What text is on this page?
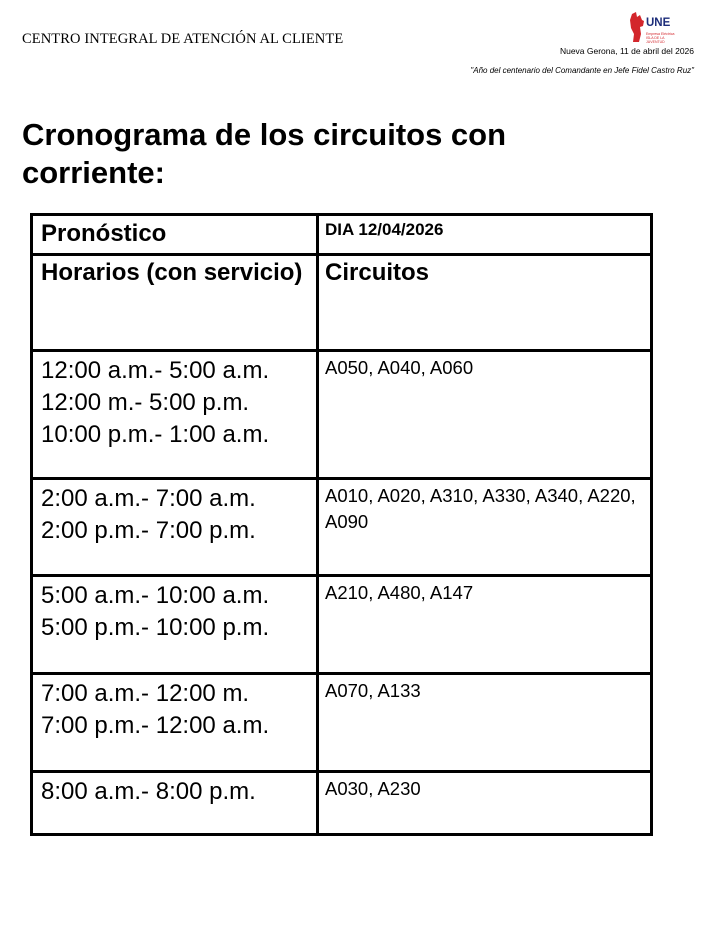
CENTRO INTEGRAL DE ATENCIÓN AL CLIENTE
UNE
Empresa Eléctrica
ISLA DE LA
JUVENTUD
Nueva Gerona, 11 de abril del 2026
"Año del centenario del Comandante en Jefe Fidel Castro Ruz"
Cronograma de los circuitos con corriente:
Pronóstico	DIA 12/04/2026

Horarios (con servicio)	Circuitos

12:00 a.m.- 5:00 a.m.
12:00 m.- 5:00 p.m.
10:00 p.m.- 1:00 a.m.	A050, A040, A060

2:00 a.m.- 7:00 a.m.
2:00 p.m.- 7:00 p.m.	A010, A020, A310, A330, A340, A220, A090

5:00 a.m.- 10:00 a.m.
5:00 p.m.- 10:00 p.m.	A210, A480, A147

7:00 a.m.- 12:00 m.
7:00 p.m.- 12:00 a.m.	A070, A133

8:00 a.m.- 8:00 p.m.	A030, A230
